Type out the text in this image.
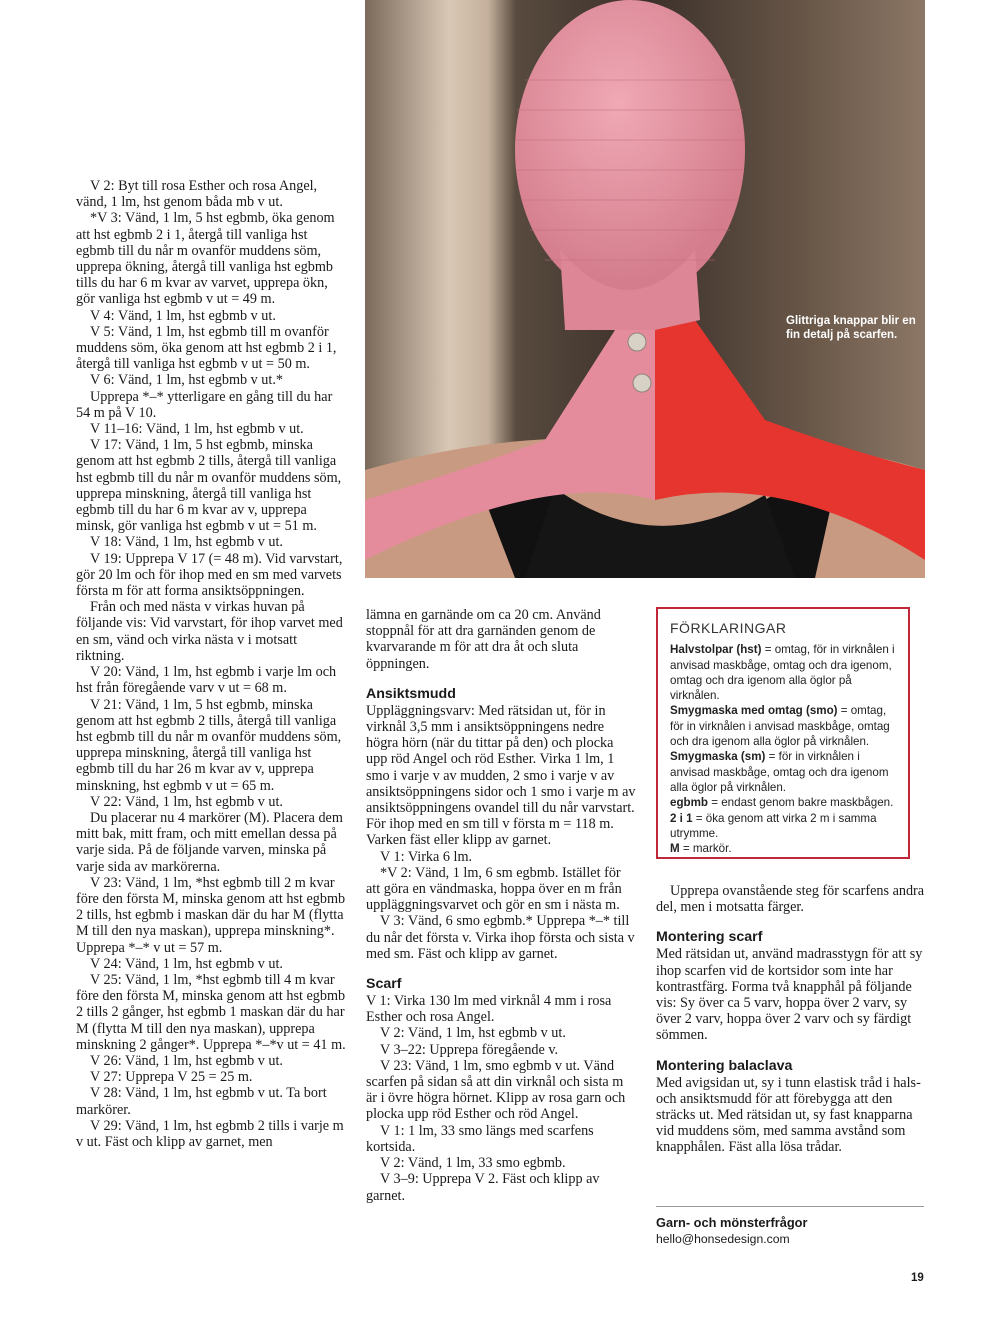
Glittriga knappar blir en fin detalj på scarfen.

V 2: Byt till rosa Esther och rosa Angel, vänd, 1 lm, hst genom båda mb v ut.

*V 3: Vänd, 1 lm, 5 hst egbmb, öka genom att hst egbmb 2 i 1, återgå till vanliga hst egbmb till du når m ovanför muddens söm, upprepa ökning, återgå till vanliga hst egbmb tills du har 6 m kvar av varvet, upprepa ökn, gör vanliga hst egbmb v ut = 49 m.

V 4: Vänd, 1 lm, hst egbmb v ut.

V 5: Vänd, 1 lm, hst egbmb till m ovanför muddens söm, öka genom att hst egbmb 2 i 1, återgå till vanliga hst egbmb v ut = 50 m.

V 6: Vänd, 1 lm, hst egbmb v ut.*

Upprepa *–* ytterligare en gång till du har 54 m på V 10.

V 11–16: Vänd, 1 lm, hst egbmb v ut.

V 17: Vänd, 1 lm, 5 hst egbmb, minska genom att hst egbmb 2 tills, återgå till vanliga hst egbmb till du når m ovanför muddens söm, upprepa minskning, återgå till vanliga hst egbmb till du har 6 m kvar av v, upprepa minsk, gör vanliga hst egbmb v ut = 51 m.

V 18: Vänd, 1 lm, hst egbmb v ut.

V 19: Upprepa V 17 (= 48 m). Vid varvstart, gör 20 lm och för ihop med en sm med varvets första m för att forma ansiktsöppningen.

Från och med nästa v virkas huvan på följande vis: Vid varvstart, för ihop varvet med en sm, vänd och virka nästa v i motsatt riktning.

V 20: Vänd, 1 lm, hst egbmb i varje lm och hst från föregående varv v ut = 68 m.

V 21: Vänd, 1 lm, 5 hst egbmb, minska genom att hst egbmb 2 tills, återgå till vanliga hst egbmb till du når m ovanför muddens söm, upprepa minskning, återgå till vanliga hst egbmb till du har 26 m kvar av v, upprepa minskning, hst egbmb v ut = 65 m.

V 22: Vänd, 1 lm, hst egbmb v ut.

Du placerar nu 4 markörer (M). Placera dem mitt bak, mitt fram, och mitt emellan dessa på varje sida. På de följande varven, minska på varje sida av markörerna.

V 23: Vänd, 1 lm, *hst egbmb till 2 m kvar före den första M, minska genom att hst egbmb 2 tills, hst egbmb i maskan där du har M (flytta M till den nya maskan), upprepa minskning*. Upprepa *–* v ut = 57 m.

V 24: Vänd, 1 lm, hst egbmb v ut.

V 25: Vänd, 1 lm, *hst egbmb till 4 m kvar före den första M, minska genom att hst egbmb 2 tills 2 gånger, hst egbmb 1 maskan där du har M (flytta M till den nya maskan), upprepa minskning 2 gånger*. Upprepa *–*v ut = 41 m.

V 26: Vänd, 1 lm, hst egbmb v ut.

V 27: Upprepa V 25 = 25 m.

V 28: Vänd, 1 lm, hst egbmb v ut. Ta bort markörer.

V 29: Vänd, 1 lm, hst egbmb 2 tills i varje m v ut. Fäst och klipp av garnet, men

lämna en garnände om ca 20 cm. Använd stoppnål för att dra garnänden genom de kvarvarande m för att dra åt och sluta öppningen.

Ansiktsmudd

Uppläggningsvarv: Med rätsidan ut, för in virknål 3,5 mm i ansiktsöppningens nedre högra hörn (när du tittar på den) och plocka upp röd Angel och röd Esther. Virka 1 lm, 1 smo i varje v av mudden, 2 smo i varje v av ansiktsöppningens sidor och 1 smo i varje m av ansiktsöppningens ovandel till du når varvstart. För ihop med en sm till v första m = 118 m. Varken fäst eller klipp av garnet.

V 1: Virka 6 lm.

*V 2: Vänd, 1 lm, 6 sm egbmb. Istället för att göra en vändmaska, hoppa över en m från uppläggningsvarvet och gör en sm i nästa m.

V 3: Vänd, 6 smo egbmb.* Upprepa *–* till du når det första v. Virka ihop första och sista v med sm. Fäst och klipp av garnet.

Scarf

V 1: Virka 130 lm med virknål 4 mm i rosa Esther och rosa Angel.

V 2: Vänd, 1 lm, hst egbmb v ut.

V 3–22: Upprepa föregående v.

V 23: Vänd, 1 lm, smo egbmb v ut. Vänd scarfen på sidan så att din virknål och sista m är i övre högra hörnet. Klipp av rosa garn och plocka upp röd Esther och röd Angel.

V 1: 1 lm, 33 smo längs med scarfens kortsida.

V 2: Vänd, 1 lm, 33 smo egbmb.

V 3–9: Upprepa V 2. Fäst och klipp av garnet.

FÖRKLARINGAR
Halvstolpar (hst) = omtag, för in virknålen i anvisad maskbåge, omtag och dra igenom, omtag och dra igenom alla öglor på virknålen.
Smygmaska med omtag (smo) = omtag, för in virknålen i anvisad maskbåge, omtag och dra igenom alla öglor på virknålen.
Smygmaska (sm) = för in virknålen i anvisad maskbåge, omtag och dra igenom alla öglor på virknålen.
egbmb = endast genom bakre maskbågen.
2 i 1 = öka genom att virka 2 m i samma utrymme.
M = markör.

Upprepa ovanstående steg för scarfens andra del, men i motsatta färger.

Montering scarf

Med rätsidan ut, använd madrasstygn för att sy ihop scarfen vid de kortsidor som inte har kontrastfärg. Forma två knapphål på följande vis: Sy över ca 5 varv, hoppa över 2 varv, sy över 2 varv, hoppa över 2 varv och sy färdigt sömmen.

Montering balaclava

Med avigsidan ut, sy i tunn elastisk tråd i hals- och ansiktsmudd för att förebygga att den sträcks ut. Med rätsidan ut, sy fast knapparna vid muddens söm, med samma avstånd som knapphålen. Fäst alla lösa trådar.

Garn- och mönsterfrågor
hello@honsedesign.com
19
